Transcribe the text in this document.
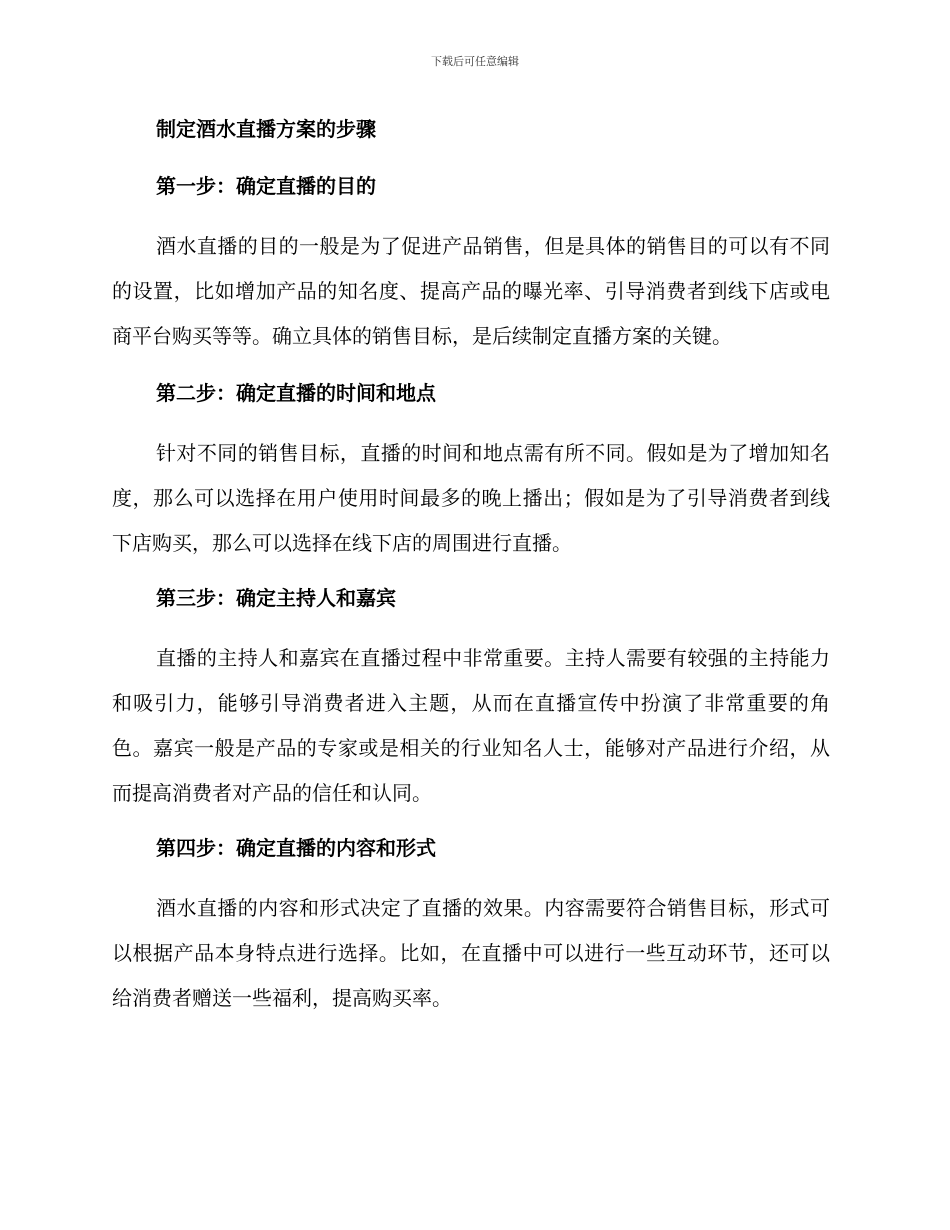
下载后可任意编辑
制定酒水直播方案的步骤
第一步：确定直播的目的

酒水直播的目的一般是为了促进产品销售，但是具体的销售目的可以有不同的设置，比如增加产品的知名度、提高产品的曝光率、引导消费者到线下店或电商平台购买等等。确立具体的销售目标，是后续制定直播方案的关键。

第二步：确定直播的时间和地点

针对不同的销售目标，直播的时间和地点需有所不同。假如是为了增加知名度，那么可以选择在用户使用时间最多的晚上播出；假如是为了引导消费者到线下店购买，那么可以选择在线下店的周围进行直播。

第三步：确定主持人和嘉宾

直播的主持人和嘉宾在直播过程中非常重要。主持人需要有较强的主持能力和吸引力，能够引导消费者进入主题，从而在直播宣传中扮演了非常重要的角色。嘉宾一般是产品的专家或是相关的行业知名人士，能够对产品进行介绍，从而提高消费者对产品的信任和认同。

第四步：确定直播的内容和形式

酒水直播的内容和形式决定了直播的效果。内容需要符合销售目标，形式可以根据产品本身特点进行选择。比如，在直播中可以进行一些互动环节，还可以给消费者赠送一些福利，提高购买率。
